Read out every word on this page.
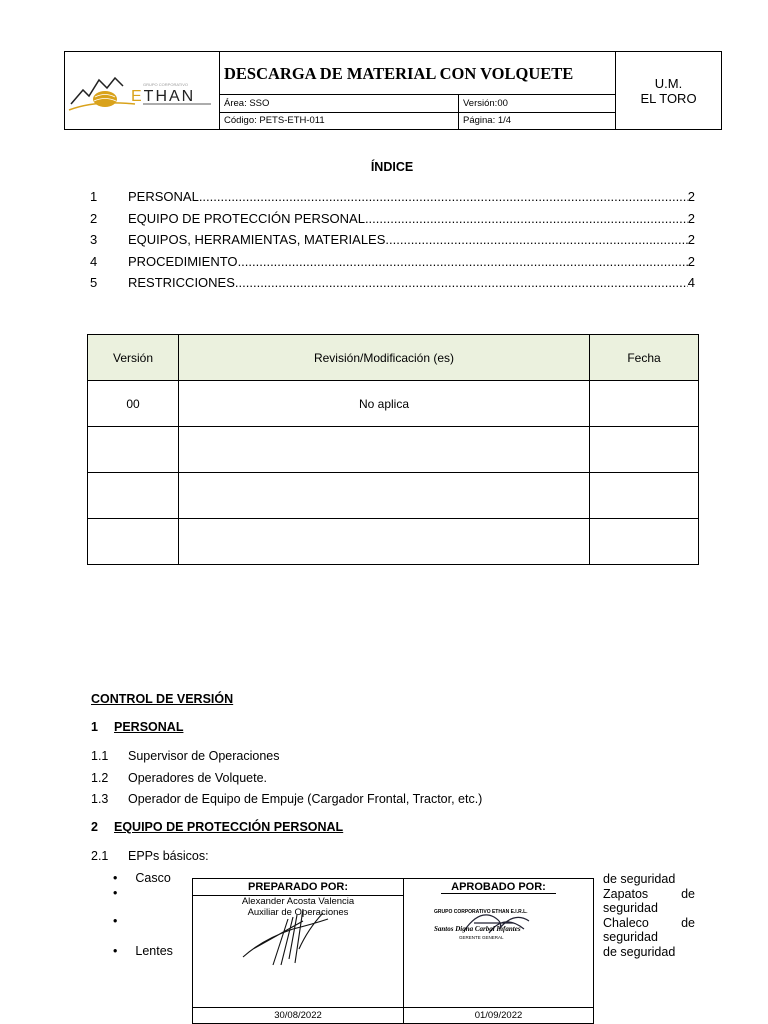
GRUPO CORPORATIVO
ETHAN
DESCARGA DE MATERIAL CON VOLQUETE
Área: SSO	Versión:00
Código: PETS-ETH-011	Página: 1/4
U.M.
EL TORO
ÍNDICE
1	PERSONAL .....	2
2	EQUIPO DE PROTECCIÓN PERSONAL .....	2
3	EQUIPOS, HERRAMIENTAS, MATERIALES .....	2
4	PROCEDIMIENTO .....	2
5	RESTRICCIONES .....	4
Versión	Revisión/Modificación (es)	Fecha
00	No aplica	

CONTROL DE VERSIÓN
1 PERSONAL
1.1 Supervisor de Operaciones
1.2 Operadores de Volquete.
1.3 Operador de Equipo de Empuje (Cargador Frontal, Tractor, etc.)
2 EQUIPO DE PROTECCIÓN PERSONAL
2.1 EPPs básicos:
• Casco
•
•
• Lentes
de seguridad
Zapatos	de
seguridad
Chaleco	de
seguridad
de seguridad
PREPARADO POR:
Alexander Acosta Valencia
Auxiliar de Operaciones
30/08/2022
APROBADO POR:
GRUPO CORPORATIVO ETHAN E.I.R.L.
Santos Digna Carbal Infantes
GERENTE GENERAL
01/09/2022
